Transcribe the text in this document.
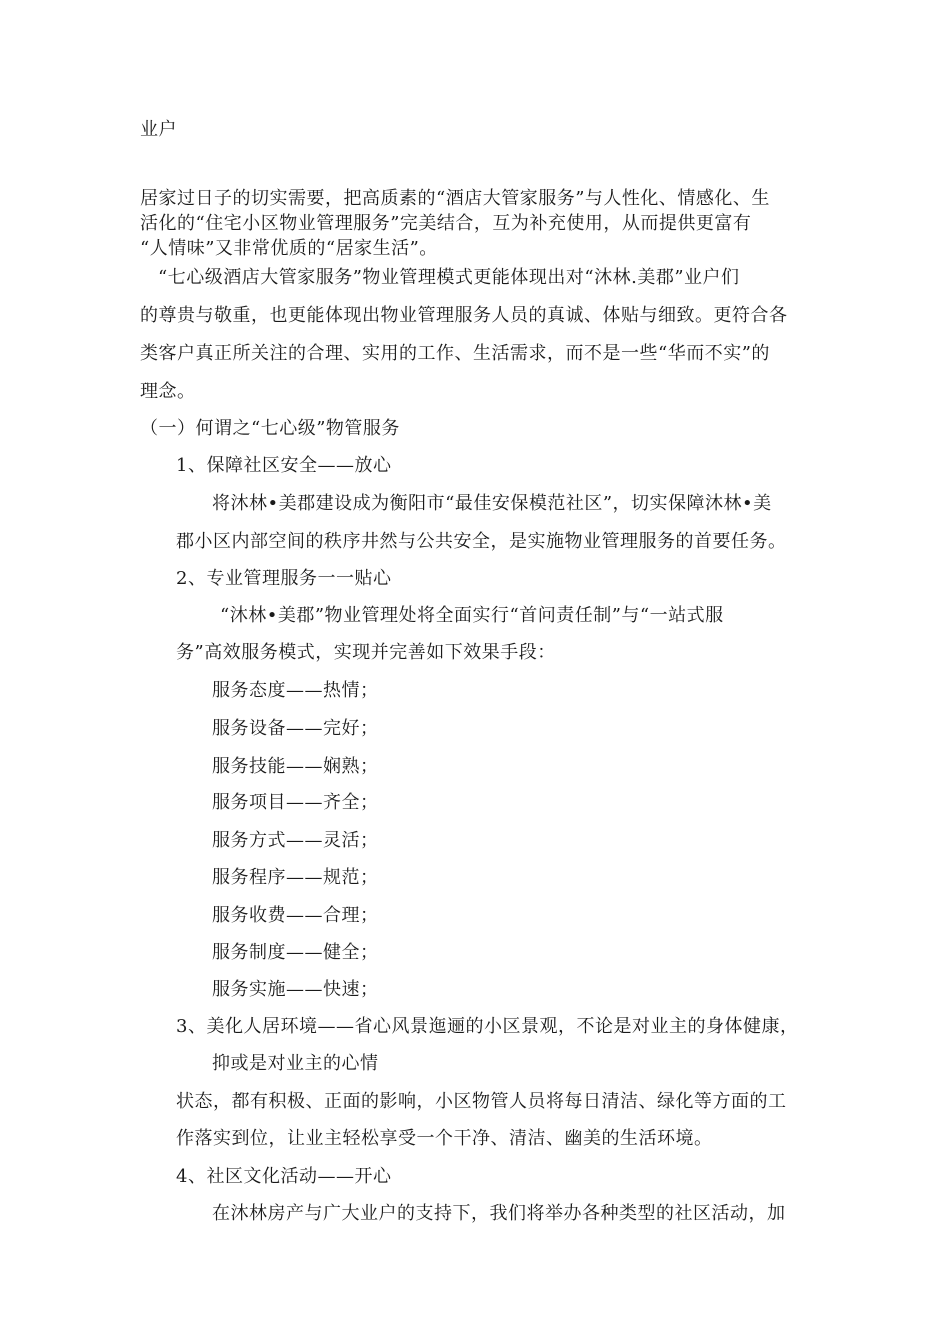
业户
居家过日子的切实需要，把高质素的“酒店大管家服务”与人性化、情感化、生
活化的“住宅小区物业管理服务”完美结合，互为补充使用，从而提供更富有
“人情味”又非常优质的“居家生活”。
“七心级酒店大管家服务”物业管理模式更能体现出对“沐林.美郡”业户们
的尊贵与敬重，也更能体现出物业管理服务人员的真诚、体贴与细致。更符合各
类客户真正所关注的合理、实用的工作、生活需求，而不是一些“华而不实”的
理念。
（一）何谓之“七心级”物管服务
1、保障社区安全——放心
将沐林•美郡建设成为衡阳市“最佳安保模范社区”，切实保障沐林•美
郡小区内部空间的秩序井然与公共安全，是实施物业管理服务的首要任务。
2、专业管理服务一一贴心
“沐林•美郡”物业管理处将全面实行“首问责任制”与“一站式服
务”高效服务模式，实现并完善如下效果手段：
服务态度——热情；
服务设备——完好；
服务技能——娴熟；
服务项目——齐全；
服务方式——灵活；
服务程序——规范；
服务收费——合理；
服务制度——健全；
服务实施——快速；
3、美化人居环境——省心风景迤逦的小区景观，不论是对业主的身体健康，
抑或是对业主的心情
状态，都有积极、正面的影响，小区物管人员将每日清洁、绿化等方面的工
作落实到位，让业主轻松享受一个干净、清洁、幽美的生活环境。
4、社区文化活动——开心
在沐林房产与广大业户的支持下，我们将举办各种类型的社区活动，加
